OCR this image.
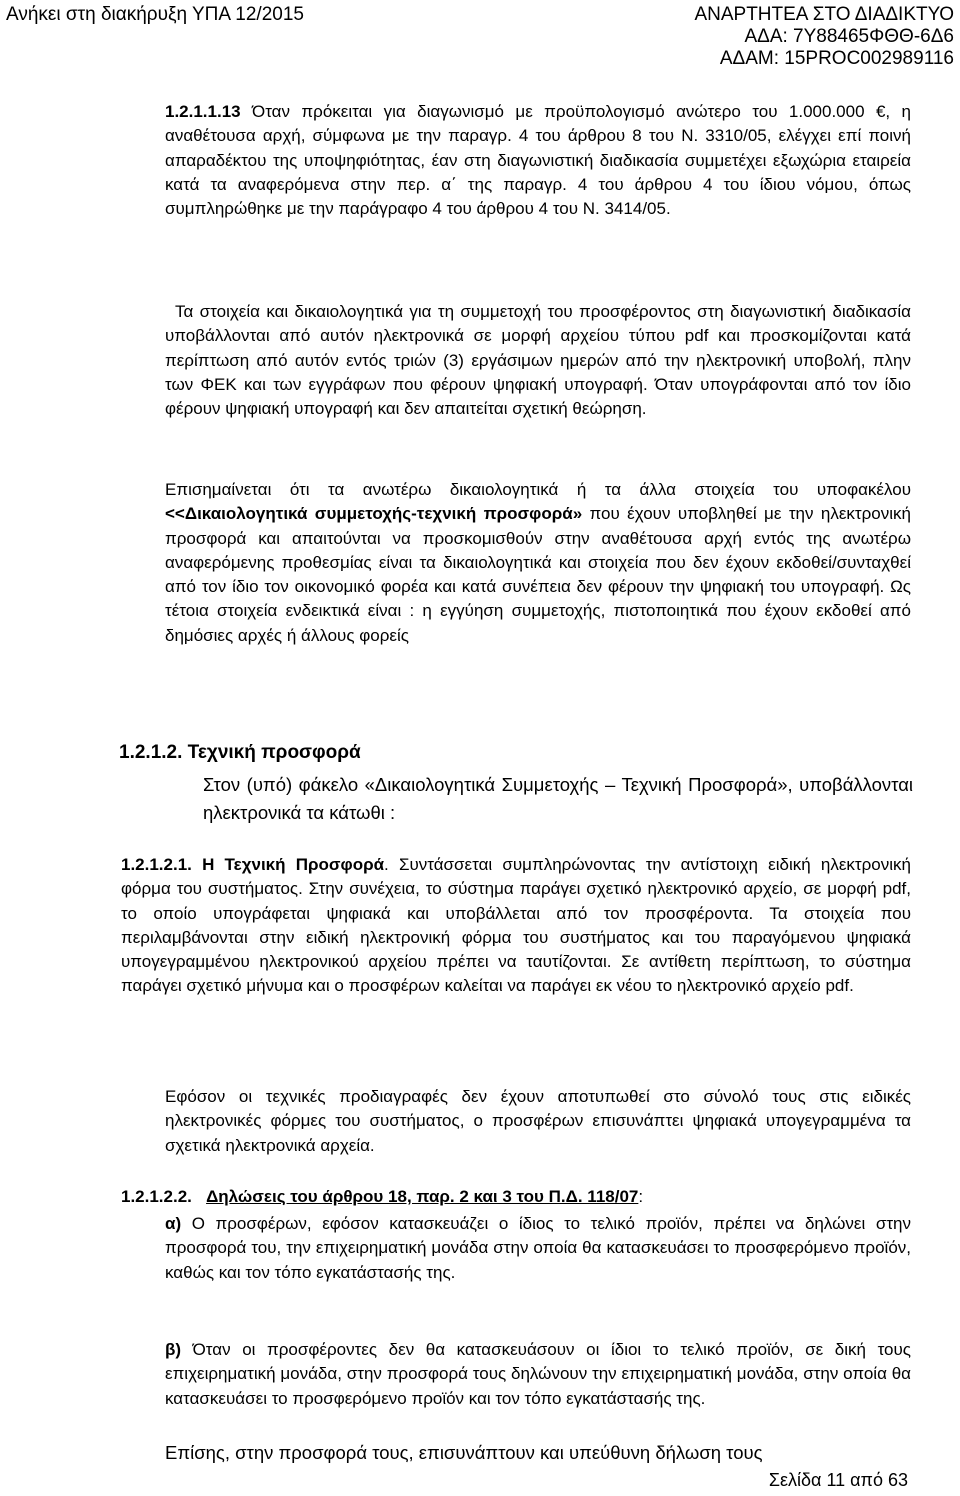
Ανήκει στη διακήρυξη ΥΠΑ 12/2015	ΑΝΑΡΤΗΤΕΑ ΣΤΟ ΔΙΑΔΙΚΤΥΟ
ΑΔΑ: 7Υ88465ΦΘΘ-6Δ6
ΑΔΑΜ: 15PROC002989116
1.2.1.1.13 Όταν πρόκειται για διαγωνισμό με προϋπολογισμό ανώτερο του 1.000.000 €, η αναθέτουσα αρχή, σύμφωνα με την παραγρ. 4 του άρθρου 8 του Ν. 3310/05, ελέγχει επί ποινή απαραδέκτου της υποψηφιότητας, έαν στη διαγωνιστική διαδικασία συμμετέχει εξωχώρια εταιρεία κατά τα αναφερόμενα στην περ. α΄ της παραγρ. 4 του άρθρου 4 του ίδιου νόμου, όπως συμπληρώθηκε με την παράγραφο 4 του άρθρου 4 του Ν. 3414/05.
Τα στοιχεία και δικαιολογητικά για τη συμμετοχή του προσφέροντος στη διαγωνιστική διαδικασία υποβάλλονται από αυτόν ηλεκτρονικά σε μορφή αρχείου τύπου pdf και προσκομίζονται κατά περίπτωση από αυτόν εντός τριών (3) εργάσιμων ημερών από την ηλεκτρονική υποβολή, πλην των ΦΕΚ και των εγγράφων που φέρουν ψηφιακή υπογραφή. Όταν υπογράφονται από τον ίδιο φέρουν ψηφιακή υπογραφή και δεν απαιτείται σχετική θεώρηση.
Επισημαίνεται ότι τα ανωτέρω δικαιολογητικά ή τα άλλα στοιχεία του υποφακέλου <<Δικαιολογητικά συμμετοχής-τεχνική προσφορά» που έχουν υποβληθεί με την ηλεκτρονική προσφορά και απαιτούνται να προσκομισθούν στην αναθέτουσα αρχή εντός της ανωτέρω αναφερόμενης προθεσμίας είναι τα δικαιολογητικά και στοιχεία που δεν έχουν εκδοθεί/συνταχθεί από τον ίδιο τον οικονομικό φορέα και κατά συνέπεια δεν φέρουν την ψηφιακή του υπογραφή. Ως τέτοια στοιχεία ενδεικτικά είναι : η εγγύηση συμμετοχής, πιστοποιητικά που έχουν εκδοθεί από δημόσιες αρχές ή άλλους φορείς
1.2.1.2. Τεχνική προσφορά
Στον (υπό) φάκελο «Δικαιολογητικά Συμμετοχής – Τεχνική Προσφορά», υποβάλλονται ηλεκτρονικά τα κάτωθι :
1.2.1.2.1. Η Τεχνική Προσφορά. Συντάσσεται συμπληρώνοντας την αντίστοιχη ειδική ηλεκτρονική φόρμα του συστήματος. Στην συνέχεια, το σύστημα παράγει σχετικό ηλεκτρονικό αρχείο, σε μορφή pdf, το οποίο υπογράφεται ψηφιακά και υποβάλλεται από τον προσφέροντα. Τα στοιχεία που περιλαμβάνονται στην ειδική ηλεκτρονική φόρμα του συστήματος και του παραγόμενου ψηφιακά υπογεγραμμένου ηλεκτρονικού αρχείου πρέπει να ταυτίζονται. Σε αντίθετη περίπτωση, το σύστημα παράγει σχετικό μήνυμα και ο προσφέρων καλείται να παράγει εκ νέου το ηλεκτρονικό αρχείο pdf.
Εφόσον οι τεχνικές προδιαγραφές δεν έχουν αποτυπωθεί στο σύνολό τους στις ειδικές ηλεκτρονικές φόρμες του συστήματος, ο προσφέρων επισυνάπτει ψηφιακά υπογεγραμμένα τα σχετικά ηλεκτρονικά αρχεία.
1.2.1.2.2. Δηλώσεις του άρθρου 18, παρ. 2 και 3 του Π.Δ. 118/07:
α) Ο προσφέρων, εφόσον κατασκευάζει ο ίδιος το τελικό προϊόν, πρέπει να δηλώνει στην προσφορά του, την επιχειρηματική μονάδα στην οποία θα κατασκευάσει το προσφερόμενο προϊόν, καθώς και τον τόπο εγκατάστασής της.
β) Όταν οι προσφέροντες δεν θα κατασκευάσουν οι ίδιοι το τελικό προϊόν, σε δική τους επιχειρηματική μονάδα, στην προσφορά τους δηλώνουν την επιχειρηματική μονάδα, στην οποία θα κατασκευάσει το προσφερόμενο προϊόν και τον τόπο εγκατάστασής της.
Επίσης, στην προσφορά τους, επισυνάπτουν και υπεύθυνη δήλωση τους
Σελίδα 11 από 63
